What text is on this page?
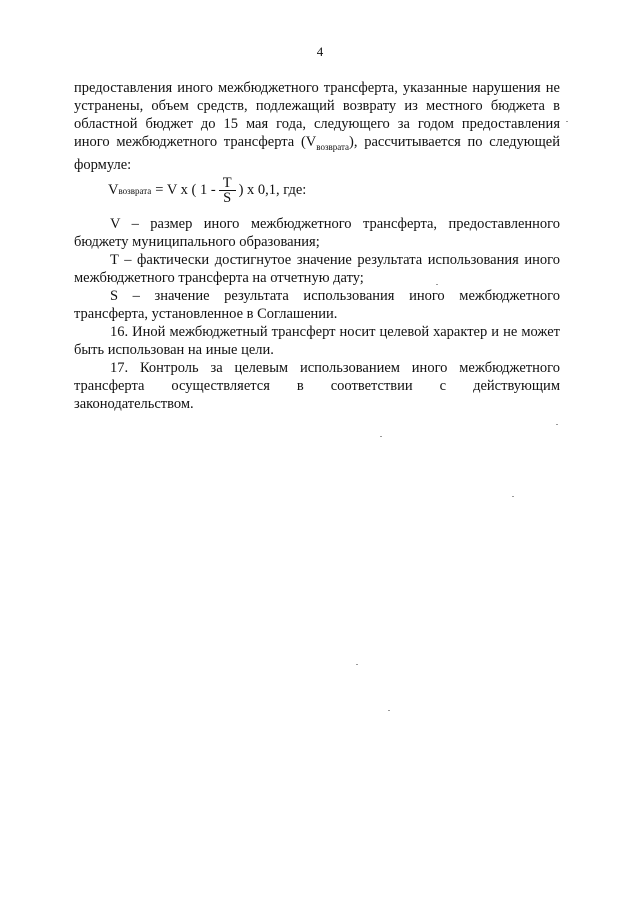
4

предоставления иного межбюджетного трансферта, указанные нарушения не устранены, объем средств, подлежащий возврату из местного бюджета в областной бюджет до 15 мая года, следующего за годом предоставления иного межбюджетного трансферта $(V_{возврата})$, рассчитывается по следующей формуле:

V возврата = V x ( $1 - \frac{T}{S}$ ) x 0,1, где:

V – размер иного межбюджетного трансферта, предоставленного бюджету муниципального образования;

T – фактически достигнутое значение результата использования иного межбюджетного трансферта на отчетную дату;

S – значение результата использования иного межбюджетного трансферта, установленное в Соглашении.

16. Иной межбюджетный трансферт носит целевой характер и не может быть использован на иные цели.

17. Контроль за целевым использованием иного межбюджетного трансферта осуществляется в соответствии с действующим законодательством.
